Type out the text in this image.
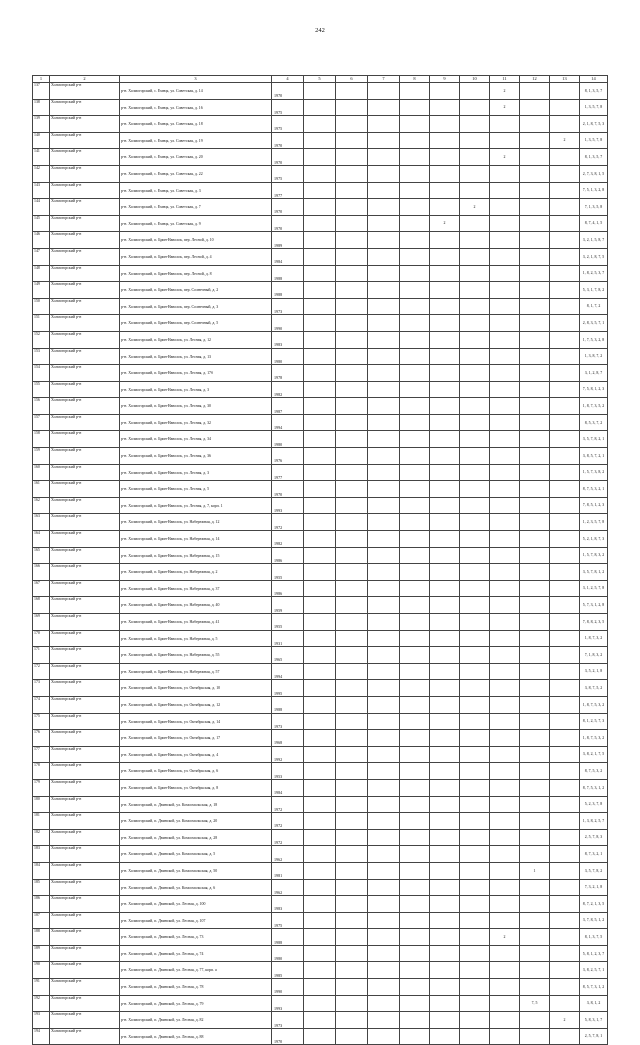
242
1	2	3	4	5	6	7	8	9	10	11	12	13	14
137	Холмогорский р-н	р-н. Холмогорский, с. Емецк, ул. Советская, д. 14	1970							2			8, 1, 3, 5, 7
138	Холмогорский р-н	р-н. Холмогорский, с. Емецк, ул. Советская, д. 16	1975							2			1, 3, 5, 7, 8
139	Холмогорский р-н	р-н. Холмогорский, с. Емецк, ул. Советская, д. 18	1975										2, 1, 8, 7, 5, 3
140	Холмогорский р-н	р-н. Холмогорский, с. Емецк, ул. Советская, д. 19	1970									2	1, 3, 5, 7, 8
141	Холмогорский р-н	р-н. Холмогорский, с. Емецк, ул. Советская, д. 20	1970							2			8, 1, 3, 5, 7
142	Холмогорский р-н	р-н. Холмогорский, с. Емецк, ул. Советская, д. 22	1975										2, 7, 3, 8, 1, 5
143	Холмогорский р-н	р-н. Холмогорский, с. Емецк, ул. Советская, д. 3	1977										7, 5, 1, 3, 2, 8
144	Холмогорский р-н	р-н. Холмогорский, с. Емецк, ул. Советская, д. 7	1970						2				7, 1, 3, 5, 8
145	Холмогорский р-н	р-н. Холмогорский, с. Емецк, ул. Советская, д. 9	1970					2					8, 7, 4, 1, 5
146	Холмогорский р-н	р-н. Холмогорский, п. Брин-Наволок, пер. Лесной, д. 10	1989										3, 2, 1, 5, 8, 7
147	Холмогорский р-н	р-н. Холмогорский, п. Брин-Наволок, пер. Лесной, д. 4	1984										3, 2, 1, 8, 7, 5
148	Холмогорский р-н	р-н. Холмогорский, п. Брин-Наволок, пер. Лесной, д. 8	1988										1, 8, 2, 5, 3, 7
149	Холмогорский р-н	р-н. Холмогорский, п. Брин-Наволок, пер. Солнечный, д. 2	1988										5, 3, 1, 7, 8, 2
150	Холмогорский р-н	р-н. Холмогорский, п. Брин-Наволок, пер. Солнечный, д. 3	1973										8, 1, 7, 2
151	Холмогорский р-н	р-н. Холмогорский, п. Брин-Наволок, пер. Солнечный, д. 5	1990										2, 8, 3, 5, 7, 1
152	Холмогорский р-н	р-н. Холмогорский, п. Брин-Наволок, ул. Лесная, д. 12	1983										1, 7, 5, 3, 2, 8
153	Холмогорский р-н	р-н. Холмогорский, п. Брин-Наволок, ул. Лесная, д. 13	1980										1, 3, 8, 7, 2
154	Холмогорский р-н	р-н. Холмогорский, п. Брин-Наволок, ул. Лесная, д. 17б	1978										3, 1, 2, 8, 7
155	Холмогорский р-н	р-н. Холмогорский, п. Брин-Наволок, ул. Лесная, д. 3	1982										7, 5, 8, 1, 2, 3
156	Холмогорский р-н	р-н. Холмогорский, п. Брин-Наволок, ул. Лесная, д. 30	1987										1, 8, 7, 3, 5, 2
157	Холмогорский р-н	р-н. Холмогорский, п. Брин-Наволок, ул. Лесная, д. 32	1994										8, 5, 3, 7, 2
158	Холмогорский р-н	р-н. Холмогорский, п. Брин-Наволок, ул. Лесная, д. 34	1980										3, 5, 7, 8, 2, 1
159	Холмогорский р-н	р-н. Холмогорский, п. Брин-Наволок, ул. Лесная, д. 36	1976										3, 8, 5, 7, 2, 1
160	Холмогорский р-н	р-н. Холмогорский, п. Брин-Наволок, ул. Лесная, д. 3	1977										1, 5, 7, 3, 8, 2
161	Холмогорский р-н	р-н. Холмогорский, п. Брин-Наволок, ул. Лесная, д. 5	1970										8, 7, 5, 3, 2, 1
162	Холмогорский р-н	р-н. Холмогорский, п. Брин-Наволок, ул. Лесная, д. 7, корп. 1	1993										7, 8, 5, 1, 2, 3
163	Холмогорский р-н	р-н. Холмогорский, п. Брин-Наволок, ул. Набережная, д. 12	1972										1, 2, 3, 5, 7, 8
164	Холмогорский р-н	р-н. Холмогорский, п. Брин-Наволок, ул. Набережная, д. 14	1982										5, 2, 1, 8, 7, 3
165	Холмогорский р-н	р-н. Холмогорский, п. Брин-Наволок, ул. Набережная, д. 15	1986										1, 5, 7, 8, 3, 2
166	Холмогорский р-н	р-н. Холмогорский, п. Брин-Наволок, ул. Набережная, д. 2	1955										3, 5, 7, 8, 1, 2
167	Холмогорский р-н	р-н. Холмогорский, п. Брин-Наволок, ул. Набережная, д. 37	1986										3, 1, 2, 5, 7, 8
168	Холмогорский р-н	р-н. Холмогорский, п. Брин-Наволок, ул. Набережная, д. 40	1959										5, 7, 3, 1, 2, 8
169	Холмогорский р-н	р-н. Холмогорский, п. Брин-Наволок, ул. Набережная, д. 41	1955										7, 8, 8, 2, 3, 5
170	Холмогорский р-н	р-н. Холмогорский, п. Брин-Наволок, ул. Набережная, д. 5	1931										1, 8, 7, 3, 2
171	Холмогорский р-н	р-н. Холмогорский, п. Брин-Наволок, ул. Набережная, д. 55	1965										7, 1, 8, 3, 2
172	Холмогорский р-н	р-н. Холмогорский, п. Брин-Наволок, ул. Набережная, д. 57	1994										3, 5, 2, 1, 8
173	Холмогорский р-н	р-н. Холмогорский, п. Брин-Наволок, ул. Октябрьская, д. 10	1995										3, 8, 7, 5, 2
174	Холмогорский р-н	р-н. Холмогорский, п. Брин-Наволок, ул. Октябрьская, д. 12	1988										1, 8, 7, 5, 3, 2
175	Холмогорский р-н	р-н. Холмогорский, п. Брин-Наволок, ул. Октябрьская, д. 14	1973										8, 1, 2, 5, 7, 3
176	Холмогорский р-н	р-н. Холмогорский, п. Брин-Наволок, ул. Октябрьская, д. 17	1968										1, 8, 7, 5, 3, 2
177	Холмогорский р-н	р-н. Холмогорский, п. Брин-Наволок, ул. Октябрьская, д. 4	1992										3, 8, 2, 1, 7, 5
178	Холмогорский р-н	р-н. Холмогорский, п. Брин-Наволок, ул. Октябрьская, д. 6	1953										8, 7, 5, 3, 2
179	Холмогорский р-н	р-н. Холмогорский, п. Брин-Наволок, ул. Октябрьская, д. 8	1984										8, 7, 5, 3, 1, 2
180	Холмогорский р-н	р-н. Холмогорский, п. Двинской, ул. Комсомольская, д. 18	1972										5, 2, 3, 7, 8
181	Холмогорский р-н	р-н. Холмогорский, п. Двинской, ул. Комсомольская, д. 20	1972										1, 3, 8, 2, 5, 7
182	Холмогорский р-н	р-н. Холмогорский, п. Двинской, ул. Комсомольская, д. 28	1972										2, 5, 7, 8, 3
183	Холмогорский р-н	р-н. Холмогорский, п. Двинской, ул. Комсомольская, д. 5	1962										8, 7, 3, 2, 1
184	Холмогорский р-н	р-н. Холмогорский, п. Двинской, ул. Комсомольская, д. 50	1981								1		3, 5, 7, 8, 2
185	Холмогорский р-н	р-н. Холмогорский, п. Двинской, ул. Комсомольская, д. 6	1962										7, 3, 2, 1, 8
186	Холмогорский р-н	р-н. Холмогорский, п. Двинской, ул. Лесная, д. 100	1983										8, 7, 2, 1, 3, 5
187	Холмогорский р-н	р-н. Холмогорский, п. Двинской, ул. Лесная, д. 107	1975										3, 7, 8, 5, 1, 2
188	Холмогорский р-н	р-н. Холмогорский, п. Двинской, ул. Лесная, д. 73	1988							2			8, 1, 3, 7, 5
189	Холмогорский р-н	р-н. Холмогорский, п. Двинской, ул. Лесная, д. 74	1980										5, 8, 1, 2, 3, 7
190	Холмогорский р-н	р-н. Холмогорский, п. Двинской, ул. Лесная, д. 77, корп. а	1985										3, 8, 2, 5, 7, 1
191	Холмогорский р-н	р-н. Холмогорский, п. Двинской, ул. Лесная, д. 78	1990										8, 5, 7, 3, 1, 2
192	Холмогорский р-н	р-н. Холмогорский, п. Двинской, ул. Лесная, д. 79	1993								7, 5		3, 8, 1, 2
193	Холмогорский р-н	р-н. Холмогорский, п. Двинской, ул. Лесная, д. 82	1973									2	5, 8, 3, 1, 7
194	Холмогорский р-н	р-н. Холмогорский, п. Двинской, ул. Лесная, д. 88	1970										2, 5, 7, 8, 1
